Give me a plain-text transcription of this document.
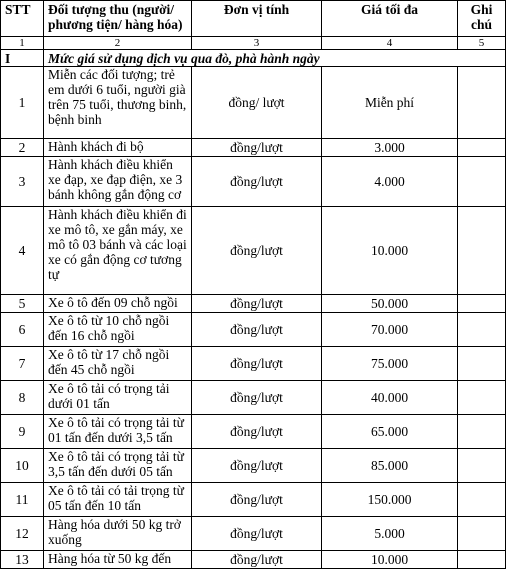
STT	Đối tượng thu (người/ phương tiện/ hàng hóa)	Đơn vị tính	Giá tối đa	Ghi chú
1	2	3	4	5
I	Mức giá sử dụng dịch vụ qua đò, phà hành ngày			
1	Miễn các đối tượng; trẻ em dưới 6 tuổi, người già trên 75 tuổi, thương binh, bệnh binh	đồng/ lượt	Miễn phí	
2	Hành khách đi bộ	đồng/lượt	3.000	
3	Hành khách điều khiển xe đạp, xe đạp điện, xe 3 bánh không gắn động cơ	đồng/lượt	4.000	
4	Hành khách điều khiển đi xe mô tô, xe gắn máy, xe mô tô 03 bánh và các loại xe có gắn động cơ tương tự	đồng/lượt	10.000	
5	Xe ô tô đến 09 chỗ ngồi	đồng/lượt	50.000	
6	Xe ô tô từ 10 chỗ ngồi đến 16 chỗ ngồi	đồng/lượt	70.000	
7	Xe ô tô từ 17 chỗ ngồi đến 45 chỗ ngồi	đồng/lượt	75.000	
8	Xe ô tô tải có trọng tải dưới 01 tấn	đồng/lượt	40.000	
9	Xe ô tô tải có trọng tải từ 01 tấn đến dưới 3,5 tấn	đồng/lượt	65.000	
10	Xe ô tô tải có trọng tải từ 3,5 tấn đến dưới 05 tấn	đồng/lượt	85.000	
11	Xe ô tô tải có tải trọng từ 05 tấn đến 10 tấn	đồng/lượt	150.000	
12	Hàng hóa dưới 50 kg trở xuống	đồng/lượt	5.000	
13	Hàng hóa từ 50 kg đến	đồng/lượt	10.000	
